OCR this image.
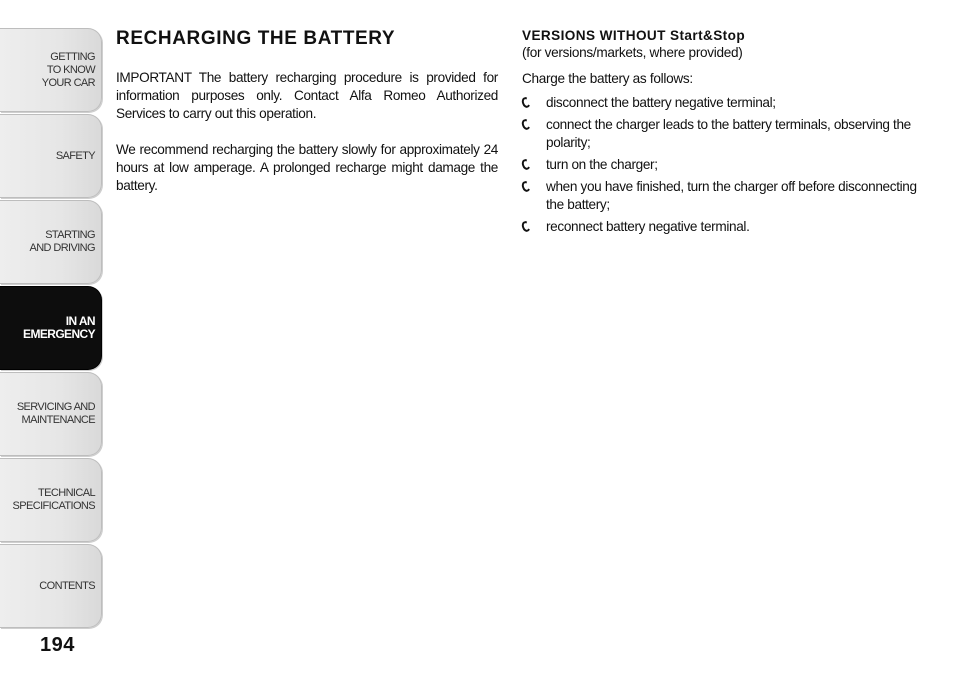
GETTING
TO KNOW
YOUR CAR
SAFETY
STARTING
AND DRIVING
IN AN
EMERGENCY
SERVICING AND
MAINTENANCE
TECHNICAL
SPECIFICATIONS
CONTENTS
194
RECHARGING THE BATTERY

IMPORTANT The battery recharging procedure is provided for information purposes only. Contact Alfa Romeo Authorized Services to carry out this operation.

We recommend recharging the battery slowly for approximately 24 hours at low amperage. A prolonged recharge might damage the battery.

VERSIONS WITHOUT Start&Stop

(for versions/markets, where provided)

Charge the battery as follows:

disconnect the battery negative terminal;
connect the charger leads to the battery terminals, observing the polarity;
turn on the charger;
when you have finished, turn the charger off before disconnecting the battery;
reconnect battery negative terminal.
